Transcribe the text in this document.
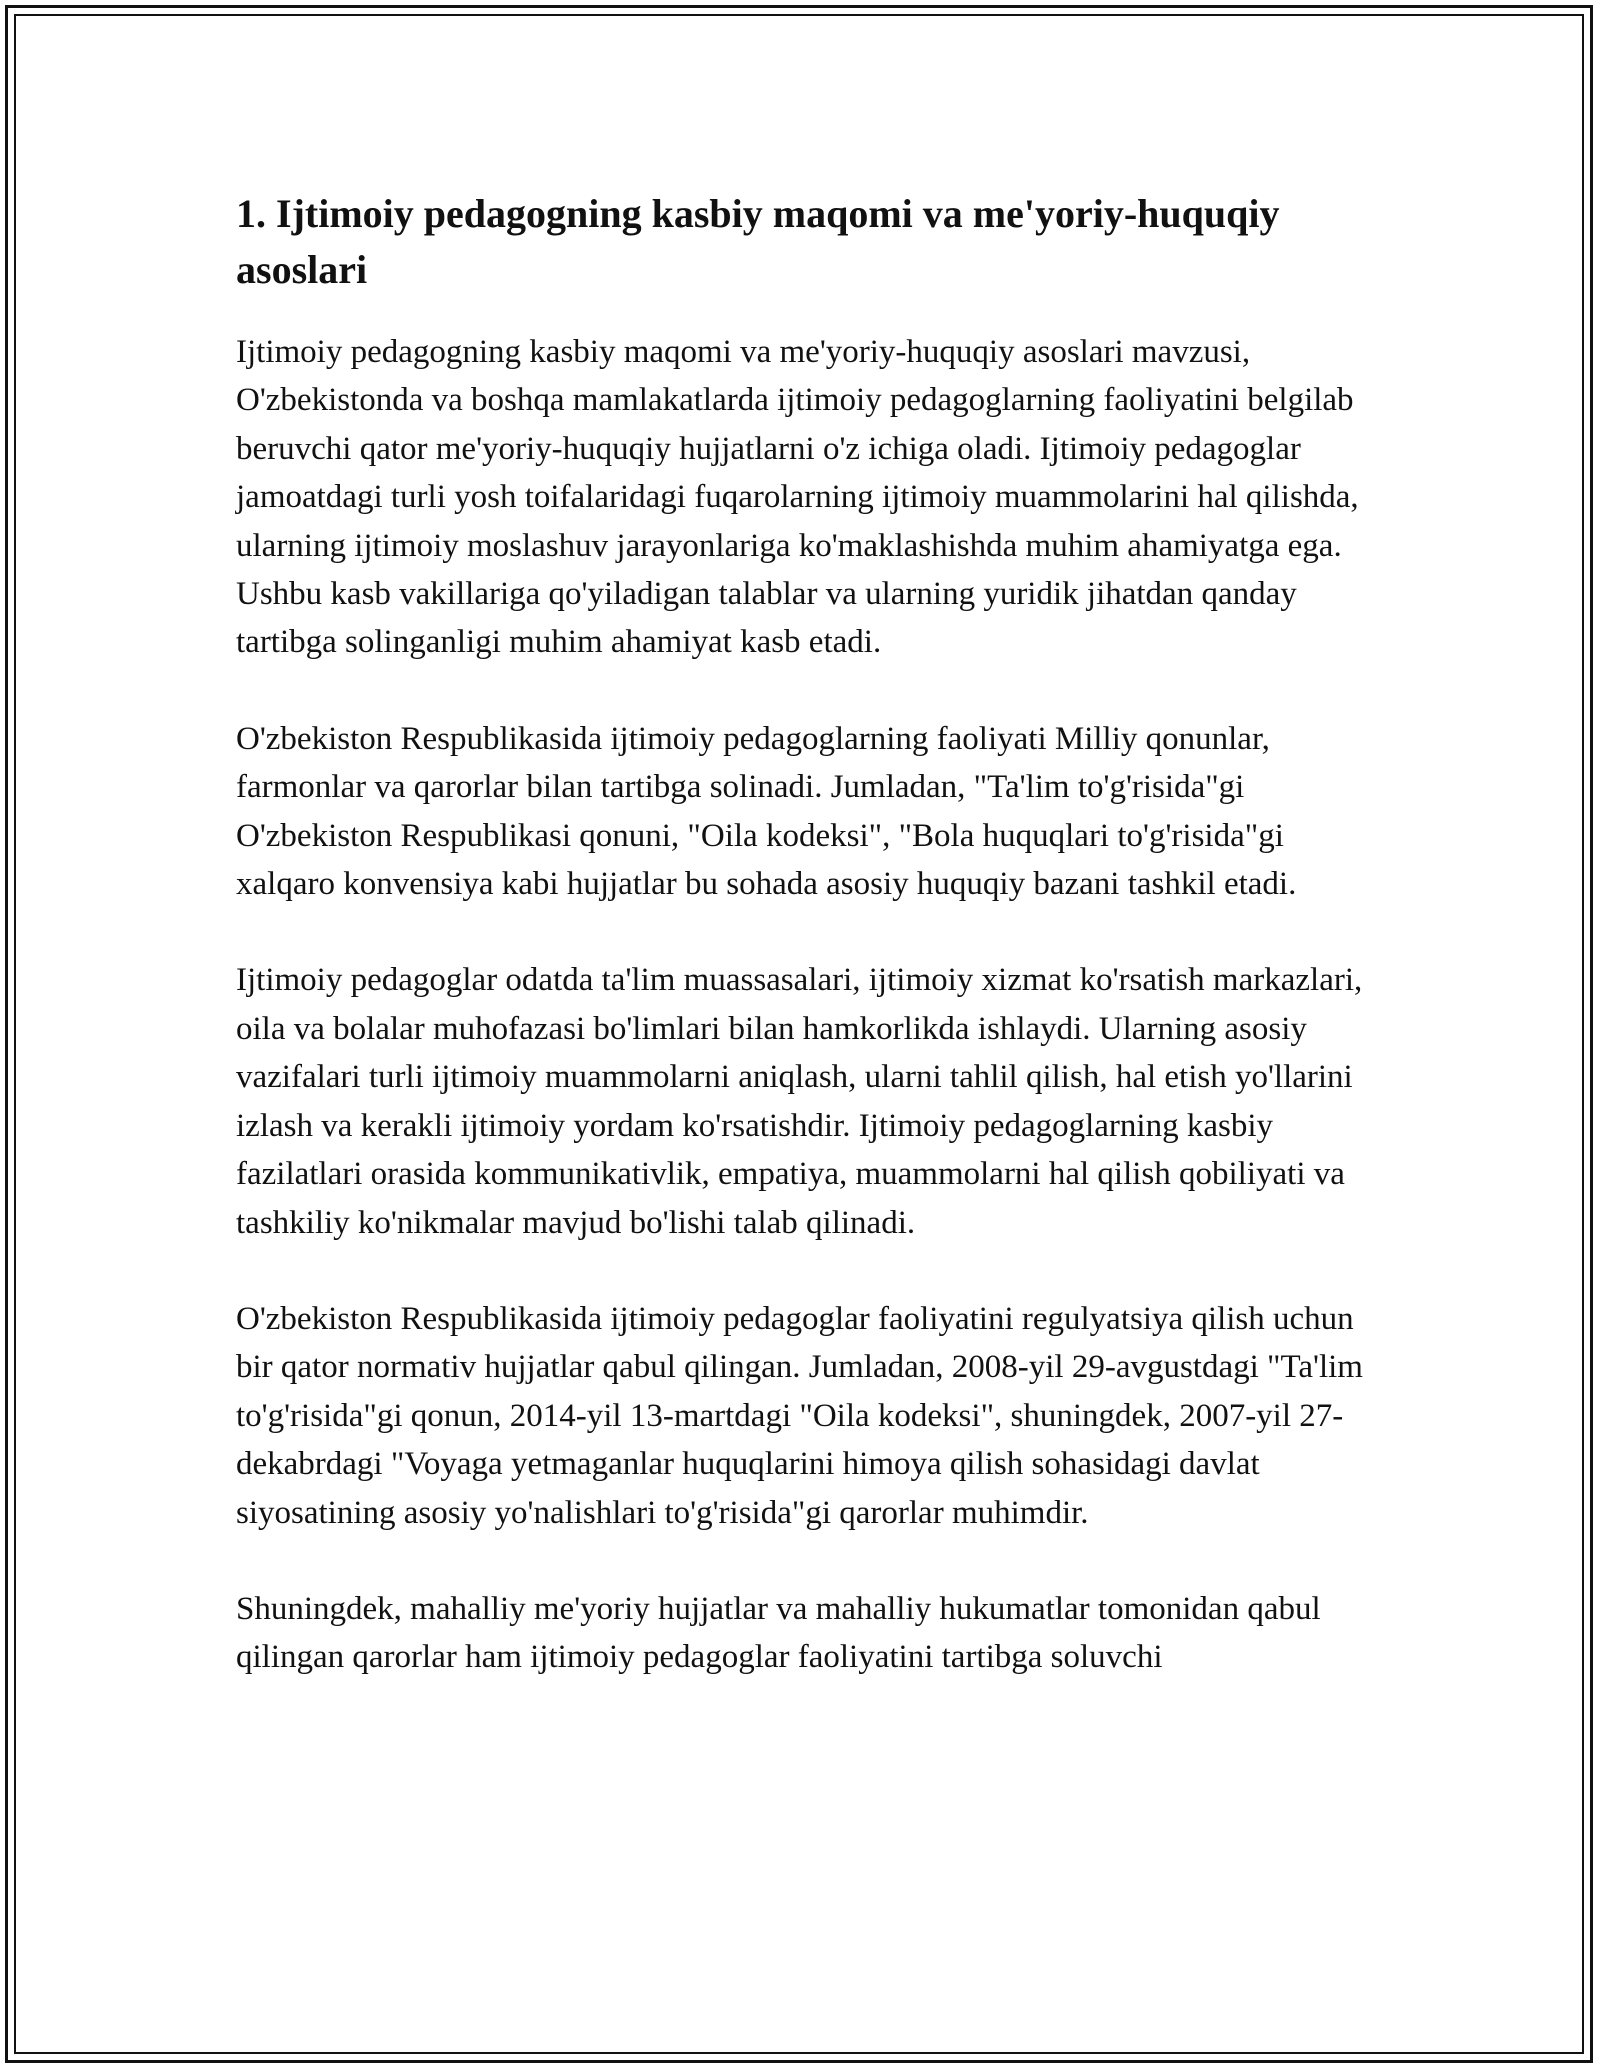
1. Ijtimoiy pedagogning kasbiy maqomi va me'yoriy-huquqiy asoslari

Ijtimoiy pedagogning kasbiy maqomi va me'yoriy-huquqiy asoslari mavzusi, O'zbekistonda va boshqa mamlakatlarda ijtimoiy pedagoglarning faoliyatini belgilab beruvchi qator me'yoriy-huquqiy hujjatlarni o'z ichiga oladi. Ijtimoiy pedagoglar jamoatdagi turli yosh toifalaridagi fuqarolarning ijtimoiy muammolarini hal qilishda, ularning ijtimoiy moslashuv jarayonlariga ko'maklashishda muhim ahamiyatga ega. Ushbu kasb vakillariga qo'yiladigan talablar va ularning yuridik jihatdan qanday tartibga solinganligi muhim ahamiyat kasb etadi.

O'zbekiston Respublikasida ijtimoiy pedagoglarning faoliyati Milliy qonunlar, farmonlar va qarorlar bilan tartibga solinadi. Jumladan, "Ta'lim to'g'risida"gi O'zbekiston Respublikasi qonuni, "Oila kodeksi", "Bola huquqlari to'g'risida"gi xalqaro konvensiya kabi hujjatlar bu sohada asosiy huquqiy bazani tashkil etadi.

Ijtimoiy pedagoglar odatda ta'lim muassasalari, ijtimoiy xizmat ko'rsatish markazlari, oila va bolalar muhofazasi bo'limlari bilan hamkorlikda ishlaydi. Ularning asosiy vazifalari turli ijtimoiy muammolarni aniqlash, ularni tahlil qilish, hal etish yo'llarini izlash va kerakli ijtimoiy yordam ko'rsatishdir. Ijtimoiy pedagoglarning kasbiy fazilatlari orasida kommunikativlik, empatiya, muammolarni hal qilish qobiliyati va tashkiliy ko'nikmalar mavjud bo'lishi talab qilinadi.

O'zbekiston Respublikasida ijtimoiy pedagoglar faoliyatini regulyatsiya qilish uchun bir qator normativ hujjatlar qabul qilingan. Jumladan, 2008-yil 29-avgustdagi "Ta'lim to'g'risida"gi qonun, 2014-yil 13-martdagi "Oila kodeksi", shuningdek, 2007-yil 27-dekabrdagi "Voyaga yetmaganlar huquqlarini himoya qilish sohasidagi davlat siyosatining asosiy yo'nalishlari to'g'risida"gi qarorlar muhimdir.

Shuningdek, mahalliy me'yoriy hujjatlar va mahalliy hukumatlar tomonidan qabul qilingan qarorlar ham ijtimoiy pedagoglar faoliyatini tartibga soluvchi
